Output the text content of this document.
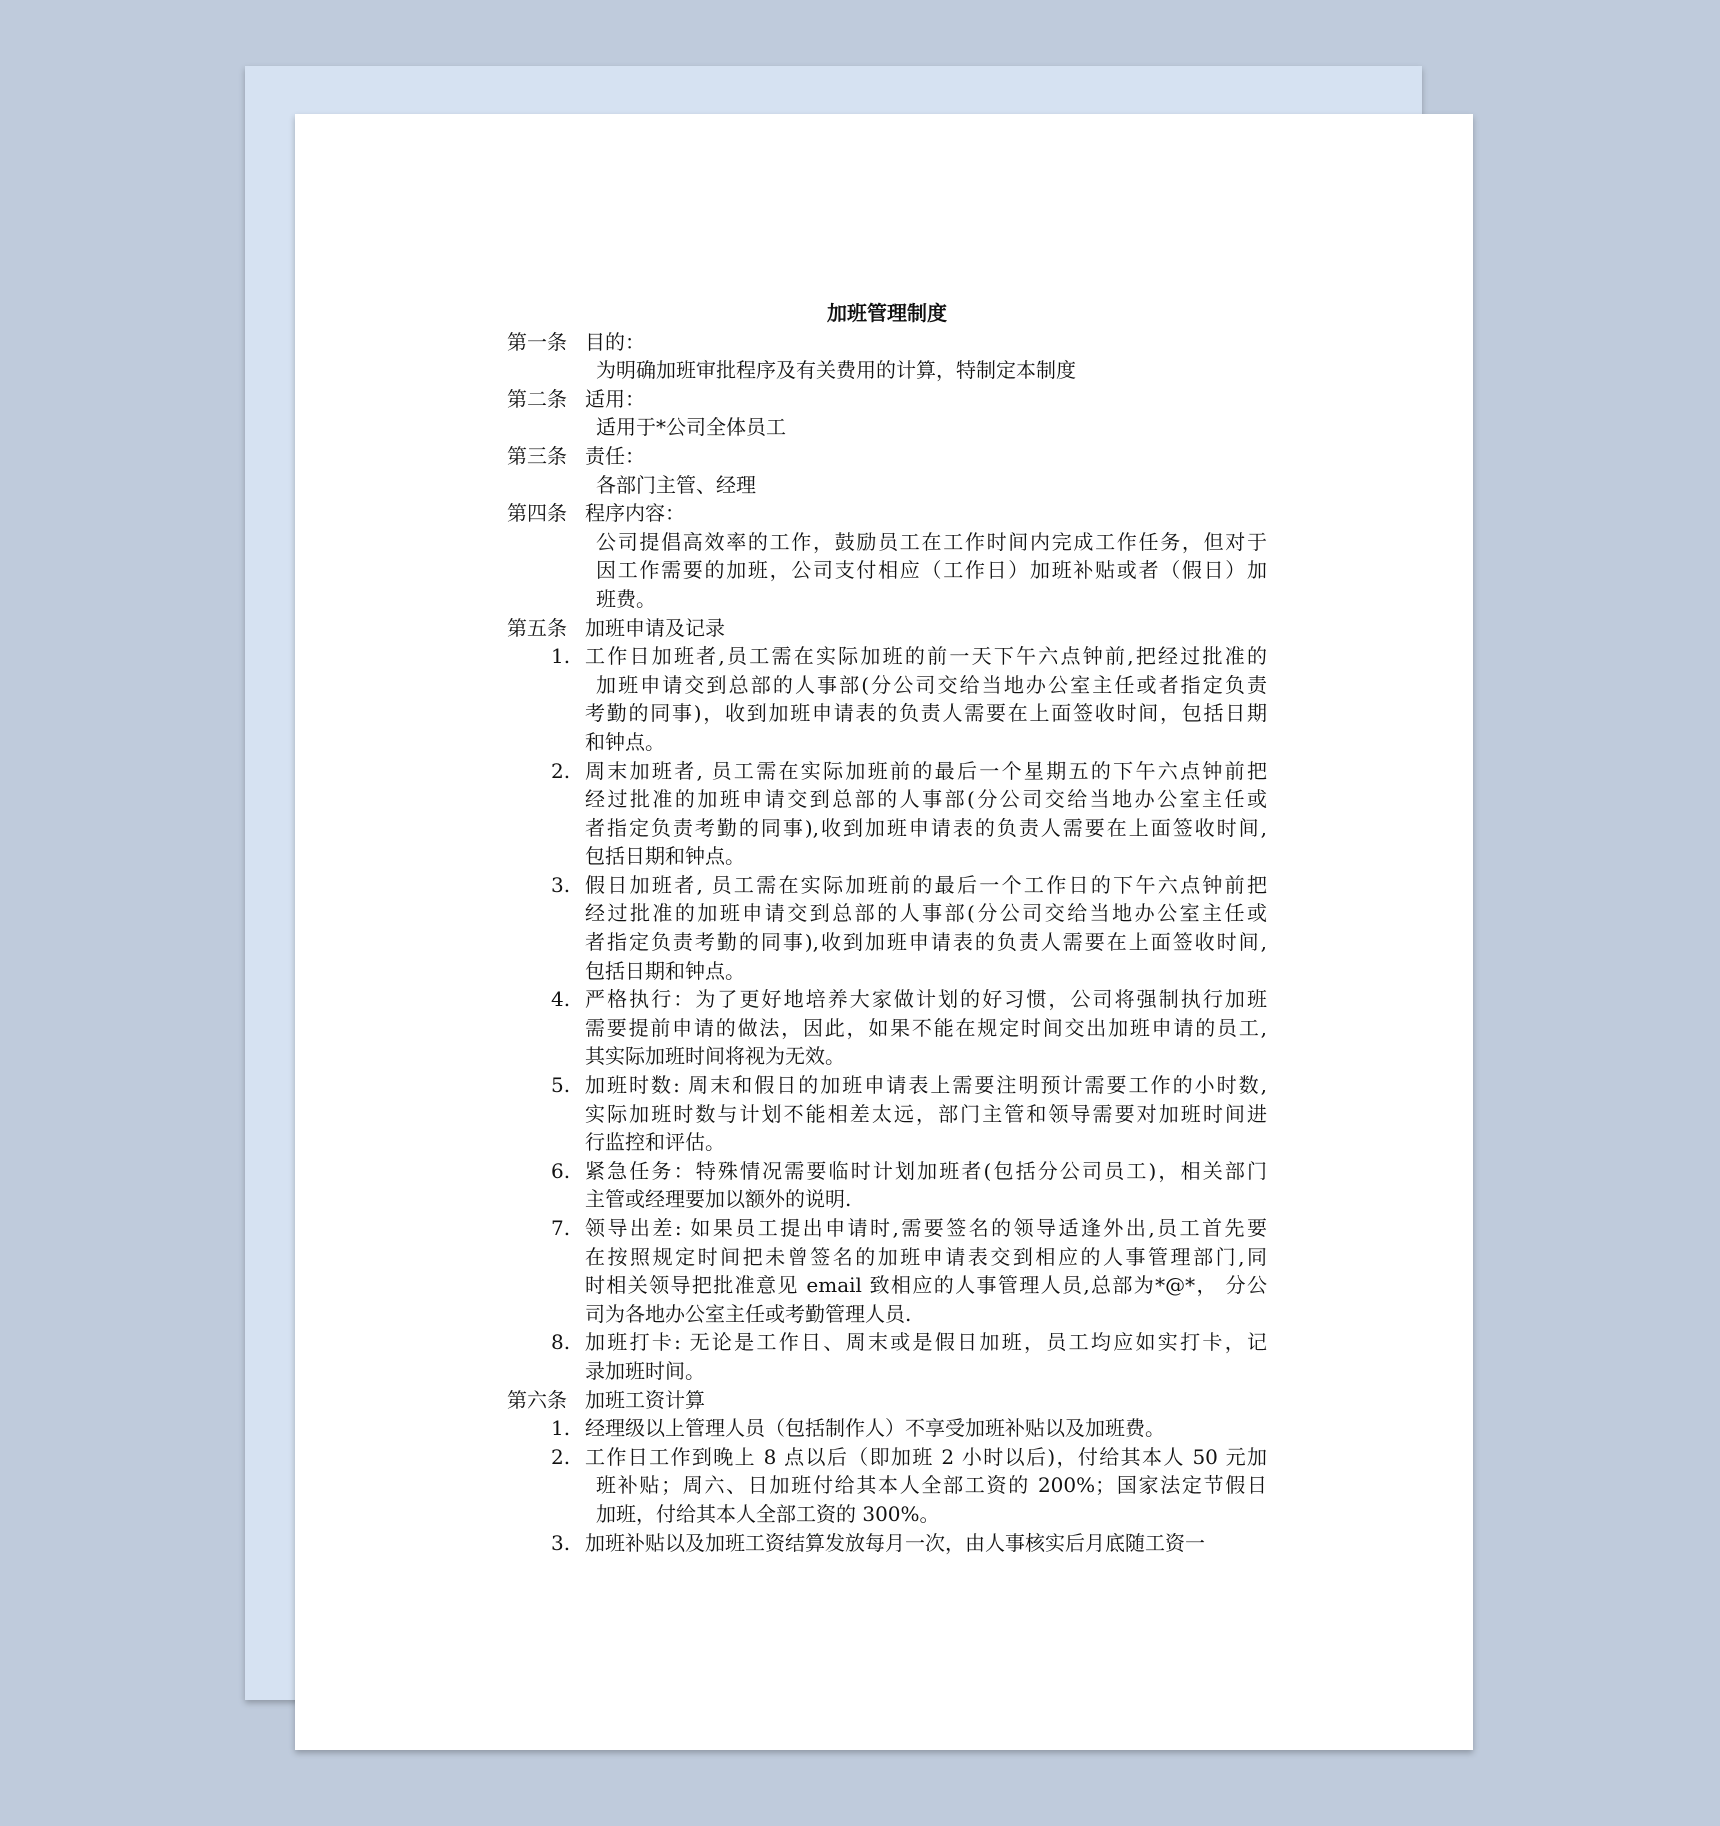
加班管理制度
第一条 目的：
为明确加班审批程序及有关费用的计算，特制定本制度
第二条 适用：
适用于*公司全体员工
第三条 责任：
各部门主管、经理
第四条 程序内容：
公司提倡高效率的工作，鼓励员工在工作时间内完成工作任务，但对于
因工作需要的加班，公司支付相应（工作日）加班补贴或者（假日）加
班费。
第五条 加班申请及记录
1. 工作日加班者,员工需在实际加班的前一天下午六点钟前,把经过批准的
加班申请交到总部的人事部(分公司交给当地办公室主任或者指定负责
考勤的同事)，收到加班申请表的负责人需要在上面签收时间，包括日期
和钟点。
2. 周末加班者, 员工需在实际加班前的最后一个星期五的下午六点钟前把
经过批准的加班申请交到总部的人事部(分公司交给当地办公室主任或
者指定负责考勤的同事),收到加班申请表的负责人需要在上面签收时间,
包括日期和钟点。
3. 假日加班者, 员工需在实际加班前的最后一个工作日的下午六点钟前把
经过批准的加班申请交到总部的人事部(分公司交给当地办公室主任或
者指定负责考勤的同事),收到加班申请表的负责人需要在上面签收时间,
包括日期和钟点。
4. 严格执行：为了更好地培养大家做计划的好习惯，公司将强制执行加班
需要提前申请的做法，因此，如果不能在规定时间交出加班申请的员工,
其实际加班时间将视为无效。
5. 加班时数: 周末和假日的加班申请表上需要注明预计需要工作的小时数,
实际加班时数与计划不能相差太远，部门主管和领导需要对加班时间进
行监控和评估。
6. 紧急任务：特殊情况需要临时计划加班者(包括分公司员工)，相关部门
主管或经理要加以额外的说明.
7. 领导出差: 如果员工提出申请时,需要签名的领导适逢外出,员工首先要
在按照规定时间把未曾签名的加班申请表交到相应的人事管理部门,同
时相关领导把批准意见 email 致相应的人事管理人员,总部为*@*， 分公
司为各地办公室主任或考勤管理人员.
8. 加班打卡: 无论是工作日、周末或是假日加班，员工均应如实打卡，记
录加班时间。
第六条 加班工资计算
1. 经理级以上管理人员（包括制作人）不享受加班补贴以及加班费。
2. 工作日工作到晚上 8 点以后（即加班 2 小时以后)，付给其本人 50 元加
班补贴；周六、日加班付给其本人全部工资的 200%；国家法定节假日
加班，付给其本人全部工资的 300%。
3. 加班补贴以及加班工资结算发放每月一次，由人事核实后月底随工资一
